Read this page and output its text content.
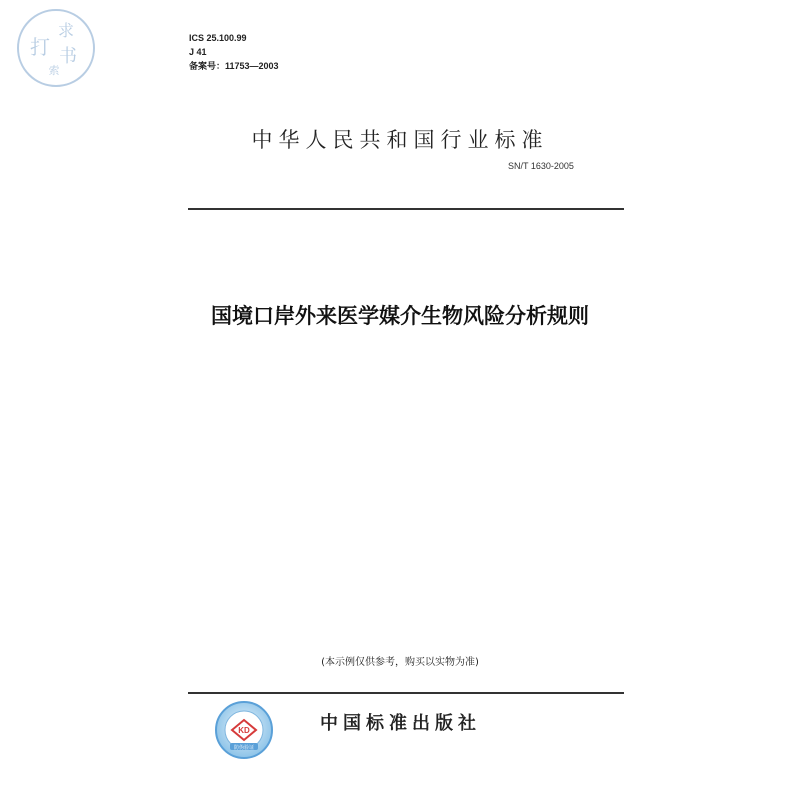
求
打 书
索
ICS 25.100.99
J 41
备案号：11753—2003
中华人民共和国行业标准
SN/T 1630-2005
国境口岸外来医学媒介生物风险分析规则
(本示例仅供参考，购买以实物为准)
KD
防伪验证
中国标准出版社
